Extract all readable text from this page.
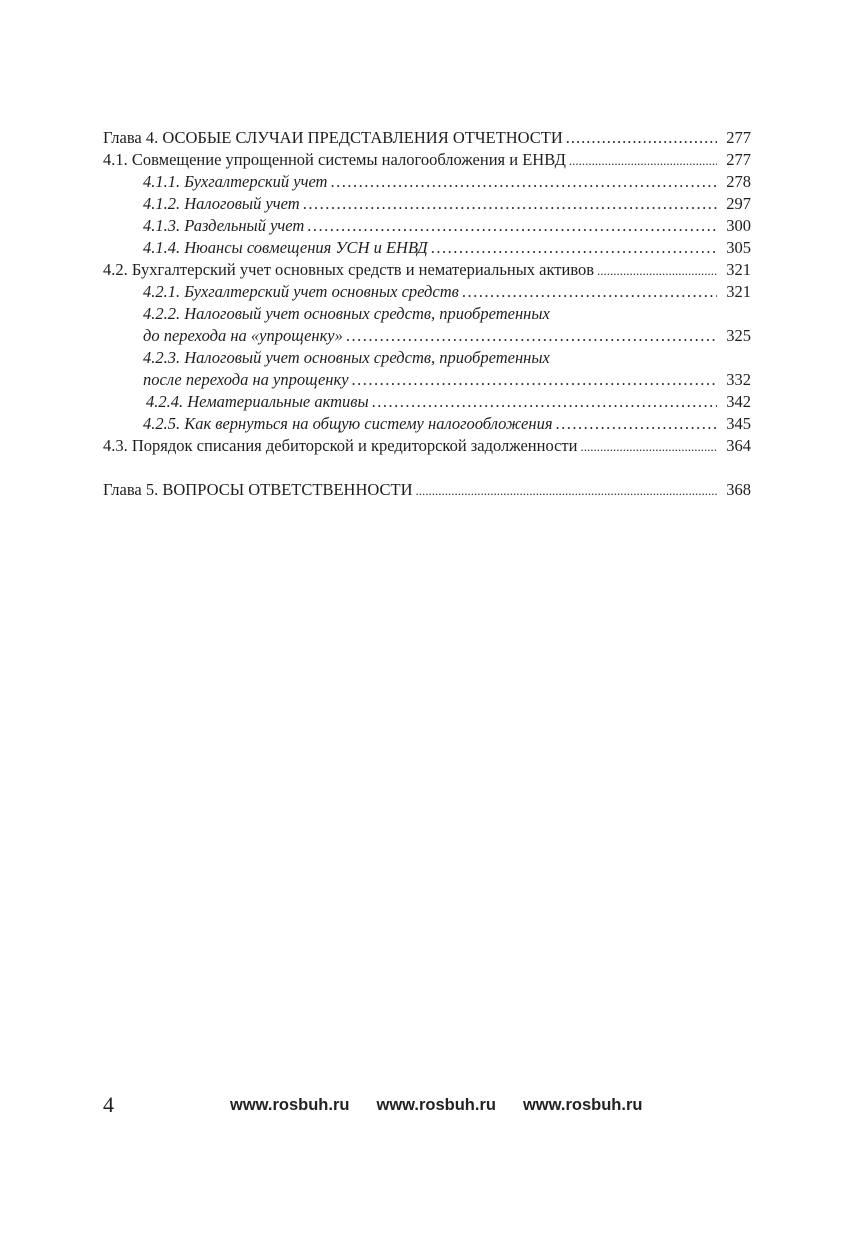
Глава 4. ОСОБЫЕ СЛУЧАИ ПРЕДСТАВЛЕНИЯ ОТЧЕТНОСТИ .....	277
4.1. Совмещение упрощенной системы налогообложения и ЕНВД .....	277
4.1.1. Бухгалтерский учет .....	278
4.1.2. Налоговый учет .....	297
4.1.3. Раздельный учет .....	300
4.1.4. Нюансы совмещения УСН и ЕНВД .....	305
4.2. Бухгалтерский учет основных средств и нематериальных активов .....	321
4.2.1. Бухгалтерский учет основных средств .....	321
4.2.2. Налоговый учет основных средств, приобретенных
до перехода на «упрощенку» .....	325
4.2.3. Налоговый учет основных средств, приобретенных
после перехода на упрощенку .....	332
4.2.4. Нематериальные активы .....	342
4.2.5. Как вернуться на общую систему налогообложения .....	345
4.3. Порядок списания дебиторской и кредиторской задолженности .....	364
Глава 5. ВОПРОСЫ ОТВЕТСТВЕННОСТИ .....	368
4	www.rosbuh.ru www.rosbuh.ru www.rosbuh.ru
